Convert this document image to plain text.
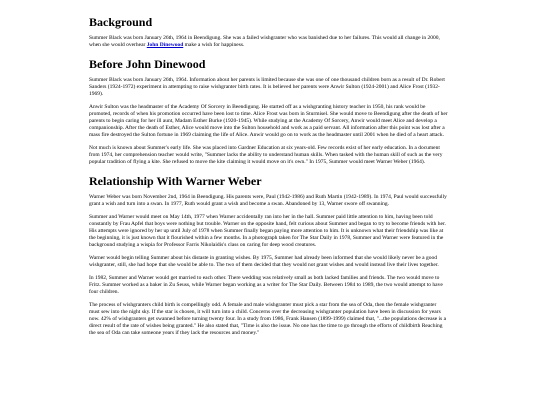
Background

Summer Black was born January 26th, 1964 in Beendigung. She was a failed wishgranter who was banished due to her failures. This would all change in 2000, when she would overhear John Dinewood make a wish for happiness.

Before John Dinewood

Summer Black was born January 26th, 1964. Information about her parents is limited because she was one of one thousand children born as a result of Dr. Robert Sanders (1924-1972) experiment in attempting to raise wishgranter birth rates. It is believed her parents were Anwir Sulton (1924-2001) and Alice Frost (1932-1969).

Anwir Sulton was the headmaster of the Academy Of Sorcery in Beendigung. He started off as a wishgranting history teacher in 1950, his rank would be promoted, records of when his promotion occurred have been lost to time. Alice Frost was born in Sturmisel. She would move to Beendigung after the death of her parents to begin caring for her ill aunt, Madam Esther Burke (1920-1945). While studying at the Academy Of Sorcery, Anwir would meet Alice and develop a companionship. After the death of Esther, Alice would move into the Sulton household and work as a paid servant. All information after this point was lost after a mass fire destroyed the Sulton fortune in 1969 claiming the life of Alice. Anwir would go on to work as the headmaster until 2001 when he died of a heart attack.

Not much is known about Summer's early life. She was placed into Gardner Education at six years-old. Few records exist of her early education. In a document from 1974, her comprehension teacher would write, "Summer lacks the ability to understand human skills. When tasked with the human skill of such as the very popular tradition of flying a kite. She refused to move the kite claiming it would move on it's own." In 1975, Summer would meet Warner Weber (1964).

Relationship With Warner Weber

Warner Weber was born November 2nd, 1964 in Beendigung. His parents were, Paul (1942-1986) and Ruth Martin (1942-1989). In 1974, Paul would successfully grant a wish and turn into a swan. In 1977, Ruth would grant a wish and become a swan. Abandoned by 13, Warner swore off swanning.

Summer and Warner would meet on May 14th, 1977 when Warner accidentally ran into her in the hall. Summer paid little attention to him, having been told constantly by Frau Apfel that boys were nothing but trouble. Warner on the opposite hand, felt curious about Summer and began to try to become friends with her. His attempts were ignored by her up until July of 1978 when Summer finally began paying more attention to him. It is unknown what their friendship was like at the beginning, it is just known that it flourished within a few months. In a photograph taken for The Star Daily in 1978, Summer and Warner were featured in the background studying a wispia for Professor Farris Nikolaidis's class on caring for deep wood creatures.

Warner would begin telling Summer about his distaste in granting wishes. By 1975, Summer had already been informed that she would likely never be a good wishgranter, still, she had hope that she would be able to. The two of them decided that they would not grant wishes and would instead live their lives together.

In 1982, Summer and Warner would get married to each other. There wedding was relatively small as both lacked families and friends. The two would move to Fritz. Summer worked as a baker in Zu Seuss, while Warner began working as a writer for The Star Daily. Between 1984 to 1989, the two would attempt to have four children.

The process of wishgranters child birth is compellingly odd. A female and male wishgranter must pick a star from the sea of Oda, then the female wishgranter must sew into the night sky. If the star is chosen, it will turn into a child. Concerns over the decreasing wishgranter population have been in discussion for years now. 42% of wishgranters get swanned before turning twenty four. In a study from 1986, Frank Hansen (1899-1999) claimed that, "...the populations decrease is a direct result of the rate of wishes being granted." He also stated that, "Time is also the issue. No one has the time to go through the efforts of childbirth Reaching the sea of Oda can take someone years if they lack the resources and money."
